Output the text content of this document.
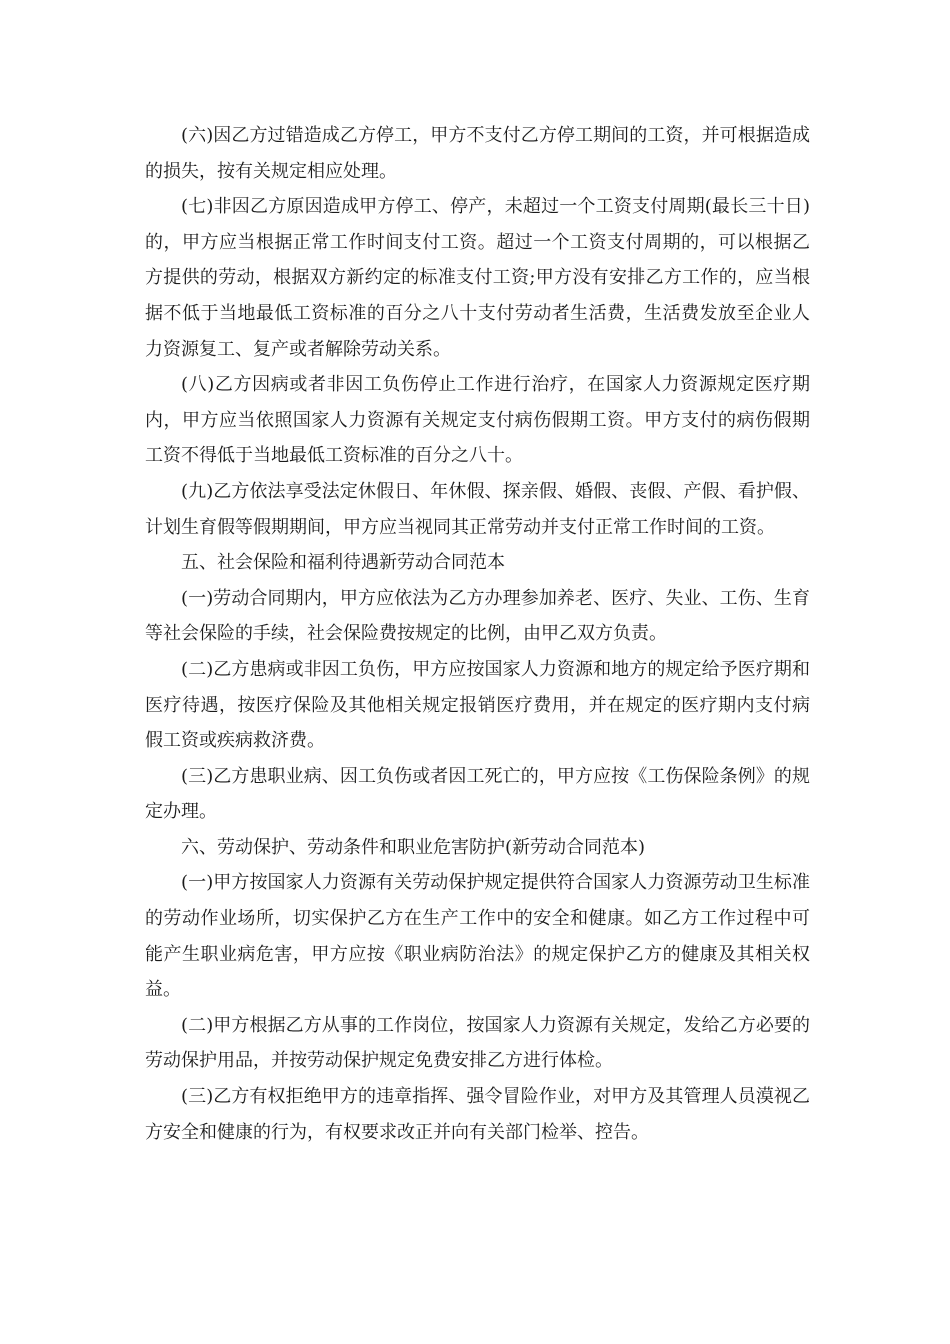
(六)因乙方过错造成乙方停工，甲方不支付乙方停工期间的工资，并可根据造成的损失，按有关规定相应处理。

(七)非因乙方原因造成甲方停工、停产，未超过一个工资支付周期(最长三十日)的，甲方应当根据正常工作时间支付工资。超过一个工资支付周期的，可以根据乙方提供的劳动，根据双方新约定的标准支付工资;甲方没有安排乙方工作的，应当根据不低于当地最低工资标准的百分之八十支付劳动者生活费，生活费发放至企业人力资源复工、复产或者解除劳动关系。

(八)乙方因病或者非因工负伤停止工作进行治疗，在国家人力资源规定医疗期内，甲方应当依照国家人力资源有关规定支付病伤假期工资。甲方支付的病伤假期工资不得低于当地最低工资标准的百分之八十。

(九)乙方依法享受法定休假日、年休假、探亲假、婚假、丧假、产假、看护假、计划生育假等假期期间，甲方应当视同其正常劳动并支付正常工作时间的工资。

五、社会保险和福利待遇新劳动合同范本

(一)劳动合同期内，甲方应依法为乙方办理参加养老、医疗、失业、工伤、生育等社会保险的手续，社会保险费按规定的比例，由甲乙双方负责。

(二)乙方患病或非因工负伤，甲方应按国家人力资源和地方的规定给予医疗期和医疗待遇，按医疗保险及其他相关规定报销医疗费用，并在规定的医疗期内支付病假工资或疾病救济费。

(三)乙方患职业病、因工负伤或者因工死亡的，甲方应按《工伤保险条例》的规定办理。

六、劳动保护、劳动条件和职业危害防护(新劳动合同范本)

(一)甲方按国家人力资源有关劳动保护规定提供符合国家人力资源劳动卫生标准的劳动作业场所，切实保护乙方在生产工作中的安全和健康。如乙方工作过程中可能产生职业病危害，甲方应按《职业病防治法》的规定保护乙方的健康及其相关权益。

(二)甲方根据乙方从事的工作岗位，按国家人力资源有关规定，发给乙方必要的劳动保护用品，并按劳动保护规定免费安排乙方进行体检。

(三)乙方有权拒绝甲方的违章指挥、强令冒险作业，对甲方及其管理人员漠视乙方安全和健康的行为，有权要求改正并向有关部门检举、控告。
